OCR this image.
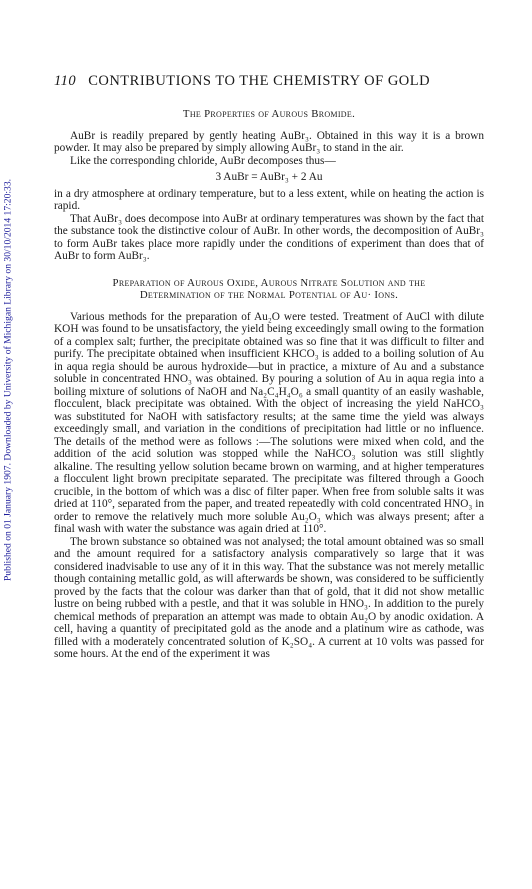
Published on 01 January 1907. Downloaded by University of Michigan Library on 30/10/2014 17:20:33.
110 CONTRIBUTIONS TO THE CHEMISTRY OF GOLD

The Properties of Aurous Bromide.

AuBr is readily prepared by gently heating AuBr₃. Obtained in this way it is a brown powder. It may also be prepared by simply allowing AuBr₃ to stand in the air.

Like the corresponding chloride, AuBr decomposes thus—

3 AuBr = AuBr₃ + 2 Au

in a dry atmosphere at ordinary temperature, but to a less extent, while on heating the action is rapid.

That AuBr₃ does decompose into AuBr at ordinary temperatures was shown by the fact that the substance took the distinctive colour of AuBr. In other words, the decomposition of AuBr₃ to form AuBr takes place more rapidly under the conditions of experiment than does that of AuBr to form AuBr₃.

Preparation of Aurous Oxide, Aurous Nitrate Solution and the
Determination of the Normal Potential of Au· Ions.

Various methods for the preparation of Au₂O were tested. Treatment of AuCl with dilute KOH was found to be unsatisfactory, the yield being exceedingly small owing to the formation of a complex salt; further, the precipitate obtained was so fine that it was difficult to filter and purify. The precipitate obtained when insufficient KHCO₃ is added to a boiling solution of Au in aqua regia should be aurous hydroxide—but in practice, a mixture of Au and a substance soluble in concentrated HNO₃ was obtained. By pouring a solution of Au in aqua regia into a boiling mixture of solutions of NaOH and Na₂C₄H₄O₆ a small quantity of an easily washable, flocculent, black precipitate was obtained. With the object of increasing the yield NaHCO₃ was substituted for NaOH with satisfactory results; at the same time the yield was always exceedingly small, and variation in the conditions of precipitation had little or no influence. The details of the method were as follows :—The solutions were mixed when cold, and the addition of the acid solution was stopped while the NaHCO₃ solution was still slightly alkaline. The resulting yellow solution became brown on warming, and at higher temperatures a flocculent light brown precipitate separated. The precipitate was filtered through a Gooch crucible, in the bottom of which was a disc of filter paper. When free from soluble salts it was dried at 110°, separated from the paper, and treated repeatedly with cold concentrated HNO₃ in order to remove the relatively much more soluble Au₂O₃ which was always present; after a final wash with water the substance was again dried at 110°.

The brown substance so obtained was not analysed; the total amount obtained was so small and the amount required for a satisfactory analysis comparatively so large that it was considered inadvisable to use any of it in this way. That the substance was not merely metallic though containing metallic gold, as will afterwards be shown, was considered to be sufficiently proved by the facts that the colour was darker than that of gold, that it did not show metallic lustre on being rubbed with a pestle, and that it was soluble in HNO₃. In addition to the purely chemical methods of preparation an attempt was made to obtain Au₂O by anodic oxidation. A cell, having a quantity of precipitated gold as the anode and a platinum wire as cathode, was filled with a moderately concentrated solution of K₂SO₄. A current at 10 volts was passed for some hours. At the end of the experiment it was
